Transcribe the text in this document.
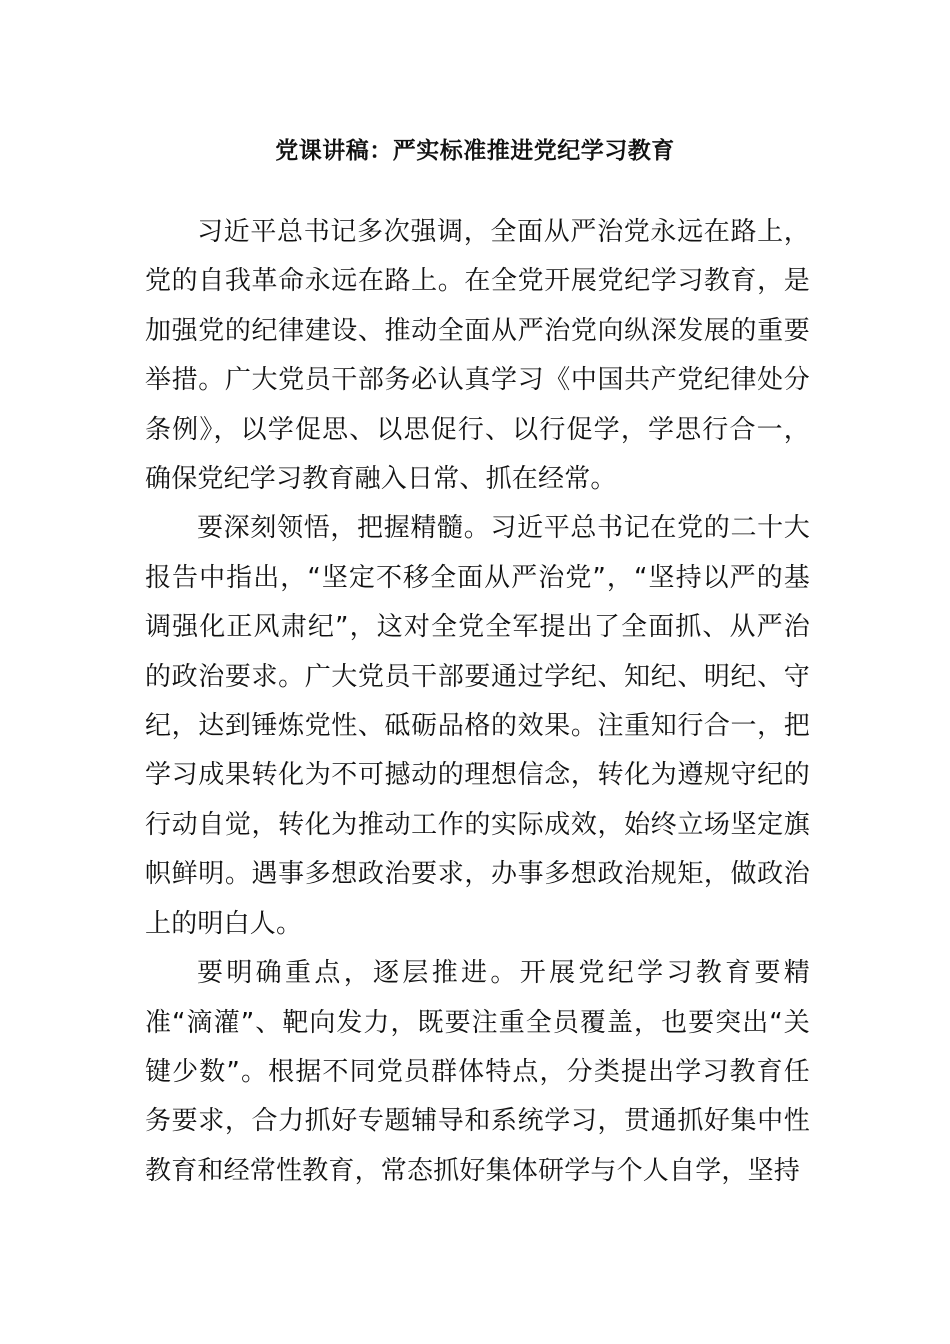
党课讲稿：严实标准推进党纪学习教育

习近平总书记多次强调，全面从严治党永远在路上，党的自我革命永远在路上。在全党开展党纪学习教育，是加强党的纪律建设、推动全面从严治党向纵深发展的重要举措。广大党员干部务必认真学习《中国共产党纪律处分条例》，以学促思、以思促行、以行促学，学思行合一，确保党纪学习教育融入日常、抓在经常。

要深刻领悟，把握精髓。习近平总书记在党的二十大报告中指出，“坚定不移全面从严治党”，“坚持以严的基调强化正风肃纪”，这对全党全军提出了全面抓、从严治的政治要求。广大党员干部要通过学纪、知纪、明纪、守纪，达到锤炼党性、砥砺品格的效果。注重知行合一，把学习成果转化为不可撼动的理想信念，转化为遵规守纪的行动自觉，转化为推动工作的实际成效，始终立场坚定旗帜鲜明。遇事多想政治要求，办事多想政治规矩，做政治上的明白人。

要明确重点，逐层推进。开展党纪学习教育要精准“滴灌”、靶向发力，既要注重全员覆盖，也要突出“关键少数”。根据不同党员群体特点，分类提出学习教育任务要求，合力抓好专题辅导和系统学习，贯通抓好集中性教育和经常性教育，常态抓好集体研学与个人自学，坚持
